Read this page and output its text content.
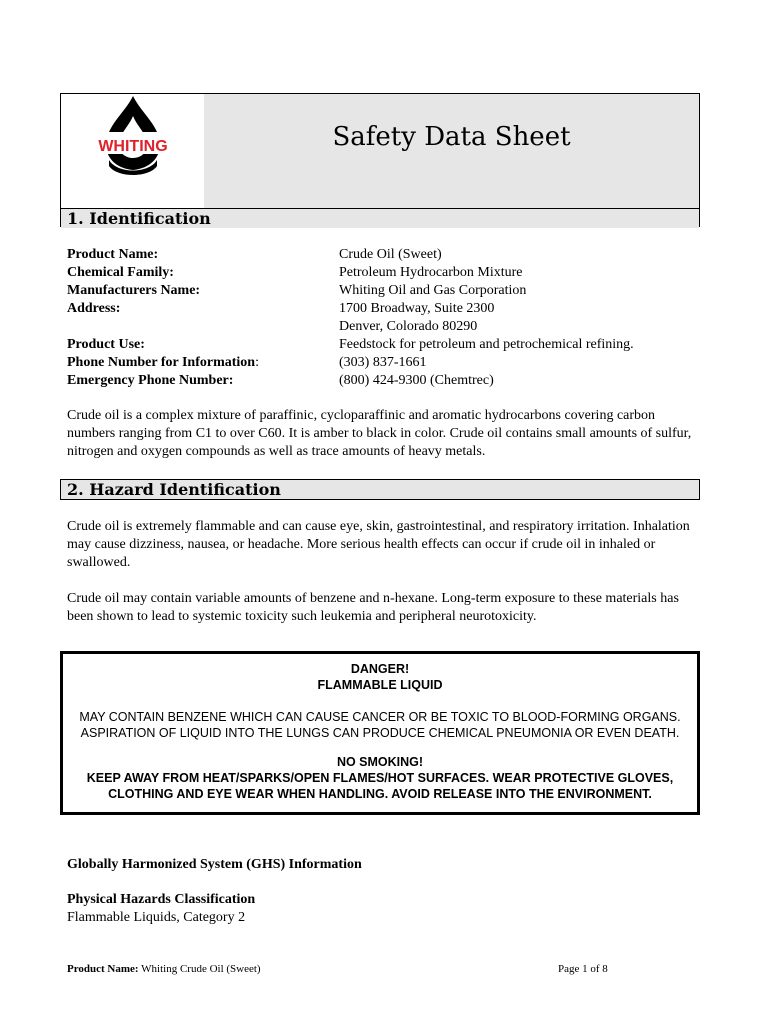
WHITING	Safety Data Sheet
1. Identification
Product Name:	Crude Oil (Sweet)
Chemical Family:	Petroleum Hydrocarbon Mixture
Manufacturers Name:	Whiting Oil and Gas Corporation
Address:	1700 Broadway, Suite 2300
Denver, Colorado 80290
Product Use:	Feedstock for petroleum and petrochemical refining.
Phone Number for Information:	(303) 837-1661
Emergency Phone Number:	(800) 424-9300 (Chemtrec)

Crude oil is a complex mixture of paraffinic, cycloparaffinic and aromatic hydrocarbons covering carbon numbers ranging from C1 to over C60. It is amber to black in color. Crude oil contains small amounts of sulfur, nitrogen and oxygen compounds as well as trace amounts of heavy metals.

2. Hazard Identification

Crude oil is extremely flammable and can cause eye, skin, gastrointestinal, and respiratory irritation. Inhalation may cause dizziness, nausea, or headache. More serious health effects can occur if crude oil in inhaled or swallowed.

Crude oil may contain variable amounts of benzene and n-hexane. Long-term exposure to these materials has been shown to lead to systemic toxicity such leukemia and peripheral neurotoxicity.

DANGER!

FLAMMABLE LIQUID

MAY CONTAIN BENZENE WHICH CAN CAUSE CANCER OR BE TOXIC TO BLOOD-FORMING ORGANS.

ASPIRATION OF LIQUID INTO THE LUNGS CAN PRODUCE CHEMICAL PNEUMONIA OR EVEN DEATH.

NO SMOKING!

KEEP AWAY FROM HEAT/SPARKS/OPEN FLAMES/HOT SURFACES. WEAR PROTECTIVE GLOVES,

CLOTHING AND EYE WEAR WHEN HANDLING. AVOID RELEASE INTO THE ENVIRONMENT.

Globally Harmonized System (GHS) Information
Physical Hazards Classification
Flammable Liquids, Category 2
Product Name: Whiting Crude Oil (Sweet)	Page 1 of 8
